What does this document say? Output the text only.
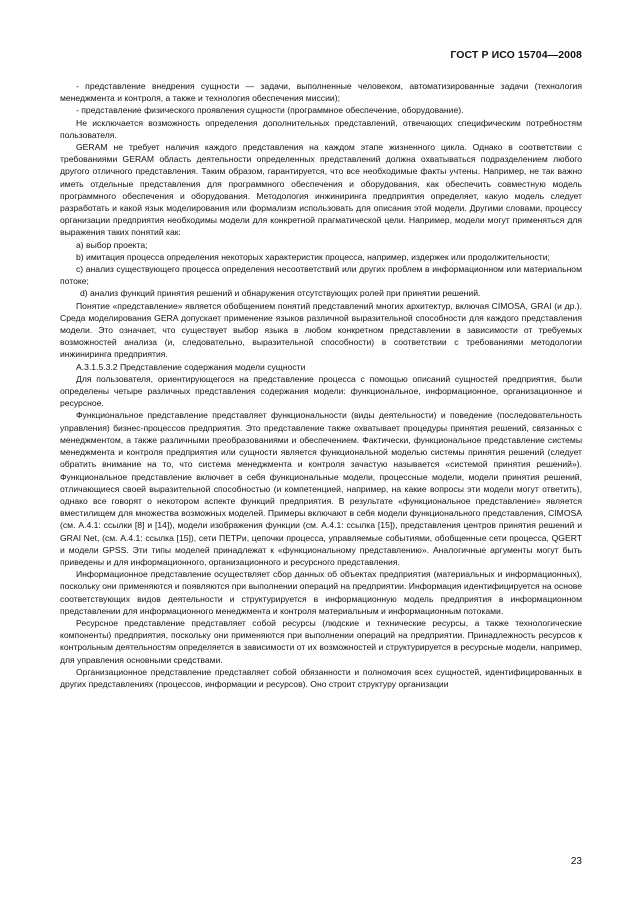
ГОСТ Р ИСО 15704—2008

- представление внедрения сущности — задачи, выполненные человеком, автоматизированные задачи (технология менеджмента и контроля, а также и технология обеспечения миссии);

- представление физического проявления сущности (программное обеспечение, оборудование).

Не исключается возможность определения дополнительных представлений, отвечающих специфическим потребностям пользователя.

GERAM не требует наличия каждого представления на каждом этапе жизненного цикла. Однако в соответствии с требованиями GERAM область деятельности определенных представлений должна охватываться подразделением любого другого отличного представления. Таким образом, гарантируется, что все необходимые факты учтены. Например, не так важно иметь отдельные представления для программного обеспечения и оборудования, как обеспечить совместную модель программного обеспечения и оборудования. Методология инжиниринга предприятия определяет, какую модель следует разработать и какой язык моделирования или формализм использовать для описания этой модели. Другими словами, процессу организации предприятия необходимы модели для конкретной прагматической цели. Например, модели могут применяться для выражения таких понятий как:

a) выбор проекта;

b) имитация процесса определения некоторых характеристик процесса, например, издержек или продолжительности;

c) анализ существующего процесса определения несоответствий или других проблем в информационном или материальном потоке;

d) анализ функций принятия решений и обнаружения отсутствующих ролей при принятии решений.

Понятие «представление» является обобщением понятий представлений многих архитектур, включая CIMOSA, GRAI (и др.). Среда моделирования GERA допускает применение языков различной выразительной способности для каждого представления модели. Это означает, что существует выбор языка в любом конкретном представлении в зависимости от требуемых возможностей анализа (и, следовательно, выразительной способности) в соответствии с требованиями методологии инжиниринга предприятия.

A.3.1.5.3.2 Представление содержания модели сущности

Для пользователя, ориентирующегося на представление процесса с помощью описаний сущностей предприятия, были определены четыре различных представления содержания модели: функциональное, информационное, организационное и ресурсное.

Функциональное представление представляет функциональности (виды деятельности) и поведение (последовательность управления) бизнес-процессов предприятия. Это представление также охватывает процедуры принятия решений, связанных с менеджментом, а также различными преобразованиями и обеспечением. Фактически, функциональное представление системы менеджмента и контроля предприятия или сущности является функциональной моделью системы принятия решений (следует обратить внимание на то, что система менеджмента и контроля зачастую называется «системой принятия решений»). Функциональное представление включает в себя функциональные модели, процессные модели, модели принятия решений, отличающиеся своей выразительной способностью (и компетенцией, например, на какие вопросы эти модели могут ответить), однако все говорят о некотором аспекте функций предприятия. В результате «функциональное представление» является вместилищем для множества возможных моделей. Примеры включают в себя модели функционального представления, CIMOSA (см. A.4.1: ссылки [8] и [14]), модели изображения функции (см. A.4.1: ссылка [15]), представления центров принятия решений и GRAI Net, (см. A.4.1: ссылка [15]), сети ПЕТРи, цепочки процесса, управляемые событиями, обобщенные сети процесса, QGERT и модели GPSS. Эти типы моделей принадлежат к «функциональному представлению». Аналогичные аргументы могут быть приведены и для информационного, организационного и ресурсного представления.

Информационное представление осуществляет сбор данных об объектах предприятия (материальных и информационных), поскольку они применяются и появляются при выполнении операций на предприятии. Информация идентифицируется на основе соответствующих видов деятельности и структурируется в информационную модель предприятия в информационном представлении для информационного менеджмента и контроля материальным и информационным потоками.

Ресурсное представление представляет собой ресурсы (людские и технические ресурсы, а также технологические компоненты) предприятия, поскольку они применяются при выполнении операций на предприятии. Принадлежность ресурсов к контрольным деятельностям определяется в зависимости от их возможностей и структурируется в ресурсные модели, например, для управления основными средствами.

Организационное представление представляет собой обязанности и полномочия всех сущностей, идентифицированных в других представлениях (процессов, информации и ресурсов). Оно строит структуру организации

23
